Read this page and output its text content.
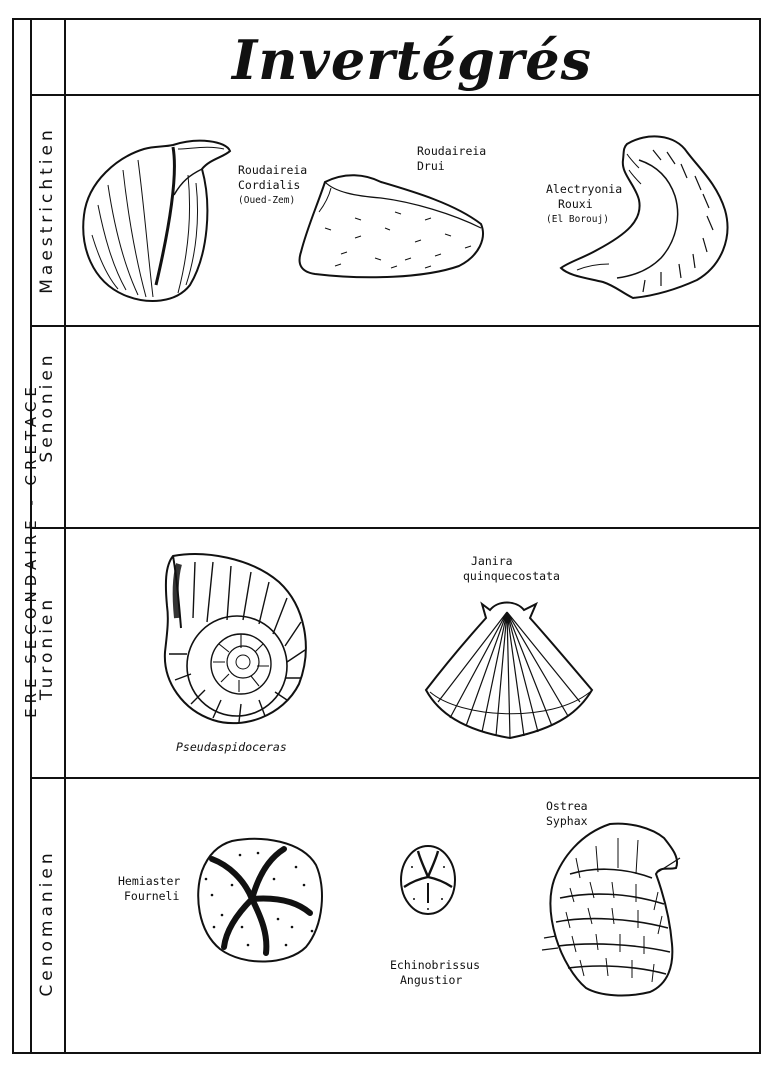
Invertégrés
ERE SECONDAIRE - CRETACE
Maestrichtien
Senonien
Turonien
Cenomanien
Roudaireia
Cordialis
(Oued-Zem)
Roudaireia
Drui
Alectryonia
Rouxi
(El Borouj)
Pseudaspidoceras
Janira
quinquecostata
Hemiaster
Fourneli
Echinobrissus
Angustior
Ostrea
Syphax
